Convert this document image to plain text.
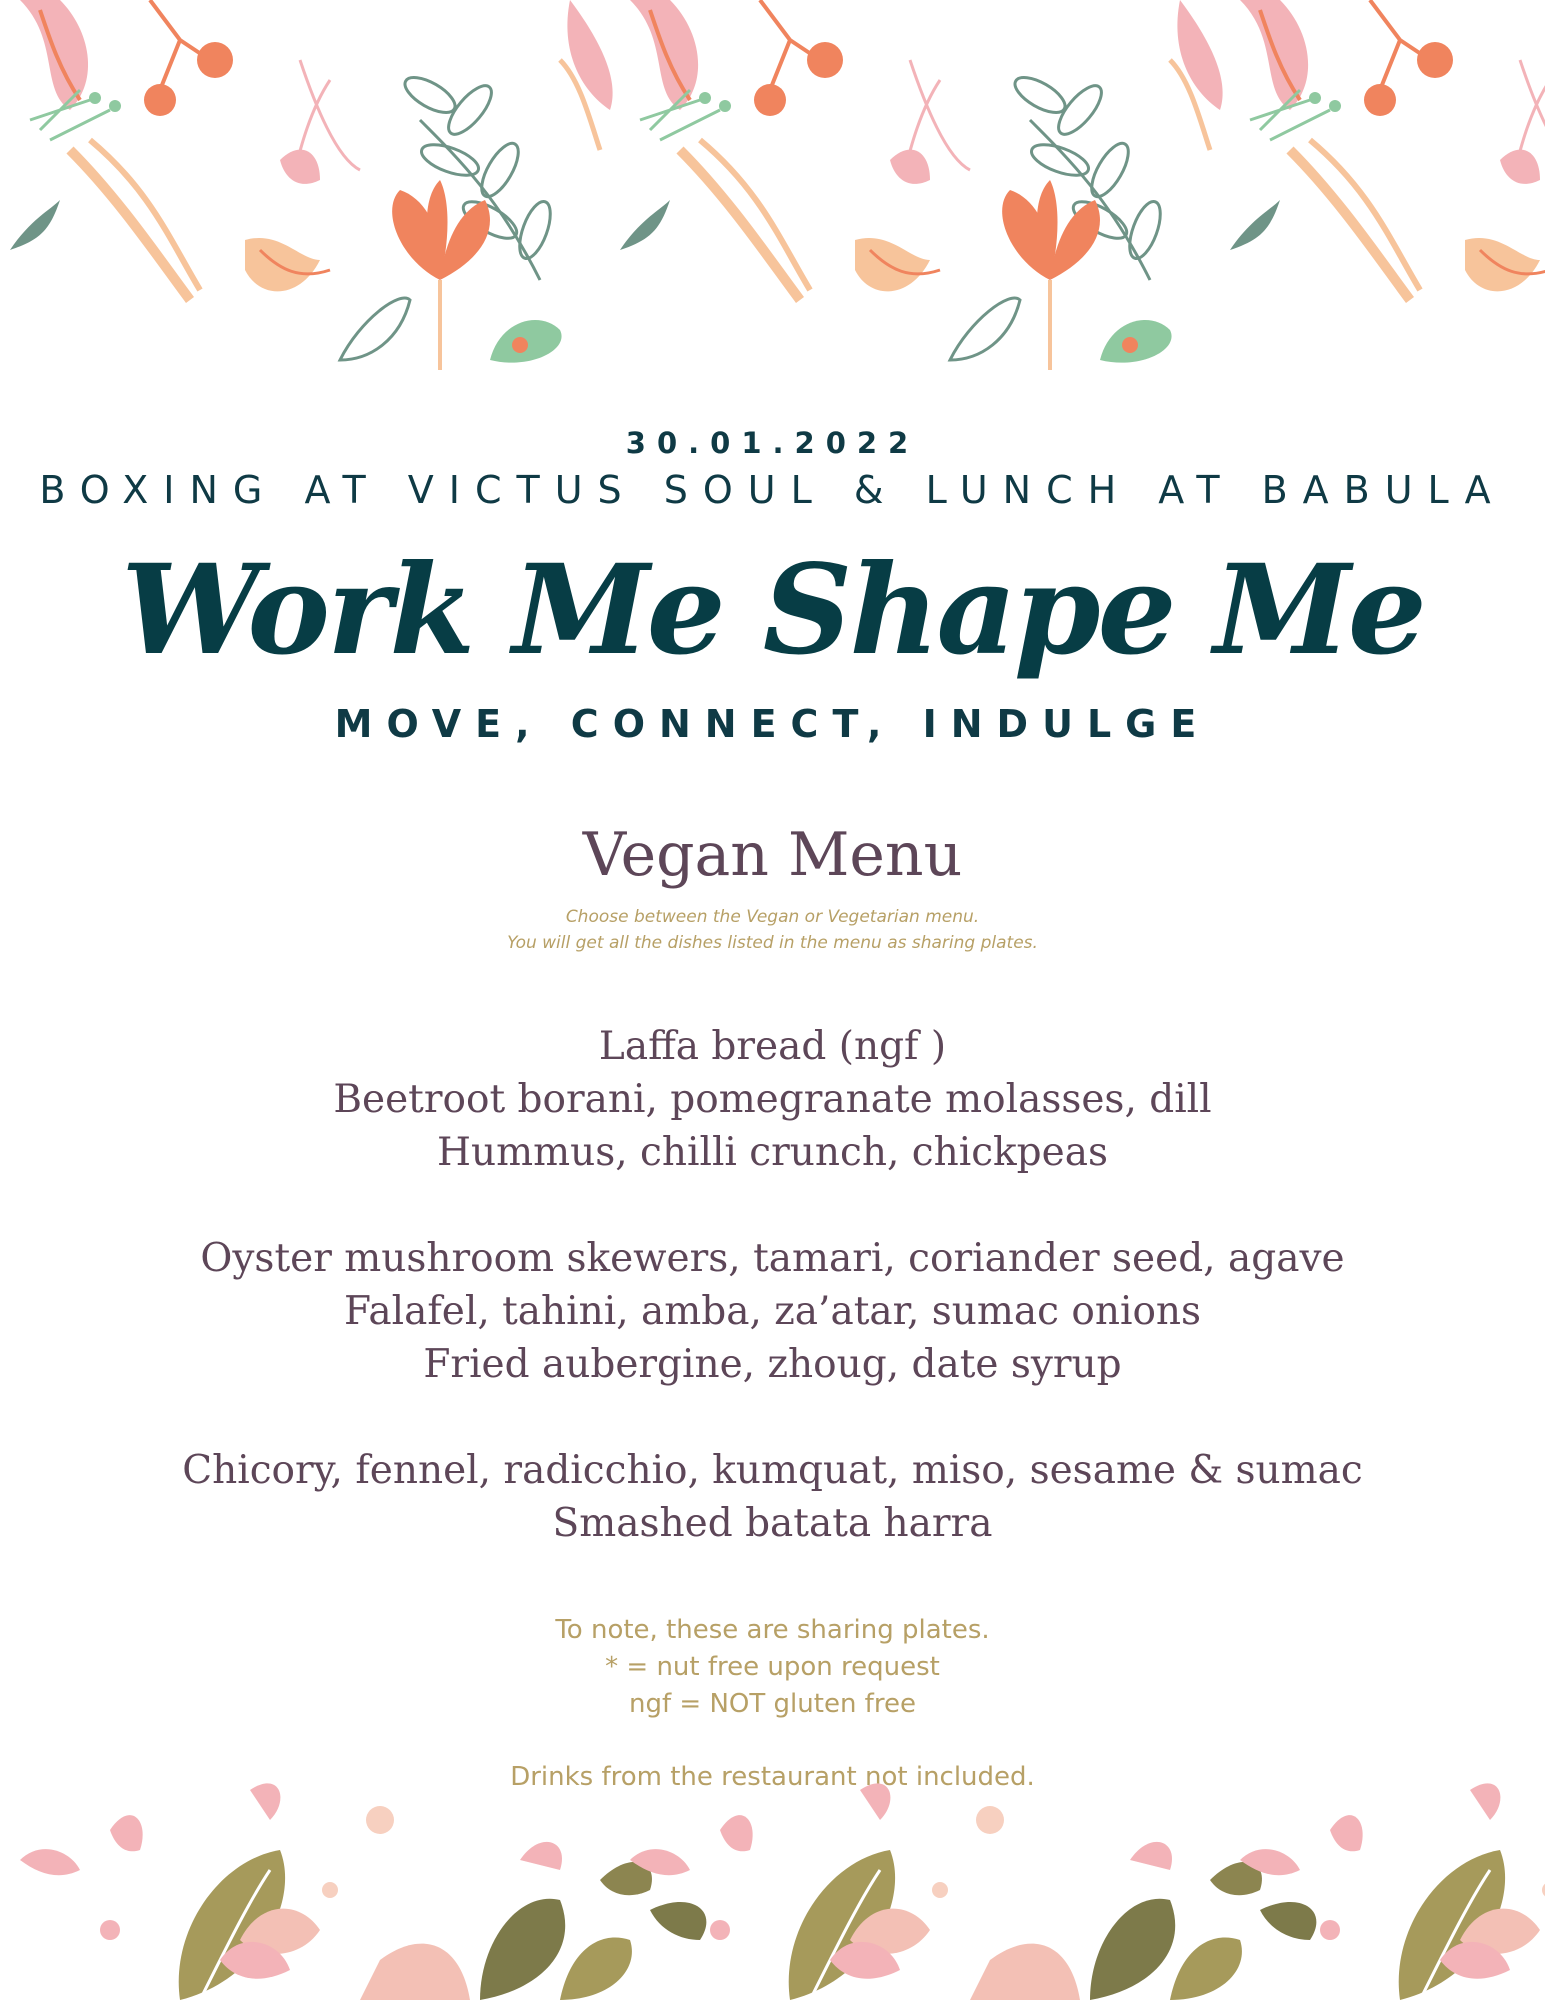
30.01.2022
BOXING AT VICTUS SOUL & LUNCH AT BABULA
Work Me Shape Me
MOVE, CONNECT, INDULGE
Vegan Menu
Choose between the Vegan or Vegetarian menu.
You will get all the dishes listed in the menu as sharing plates.
Laffa bread (ngf )
Beetroot borani, pomegranate molasses, dill
Hummus, chilli crunch, chickpeas
Oyster mushroom skewers, tamari, coriander seed, agave
Falafel, tahini, amba, za’atar, sumac onions
Fried aubergine, zhoug, date syrup
Chicory, fennel, radicchio, kumquat, miso, sesame & sumac
Smashed batata harra
To note, these are sharing plates.
* = nut free upon request
ngf = NOT gluten free
Drinks from the restaurant not included.
